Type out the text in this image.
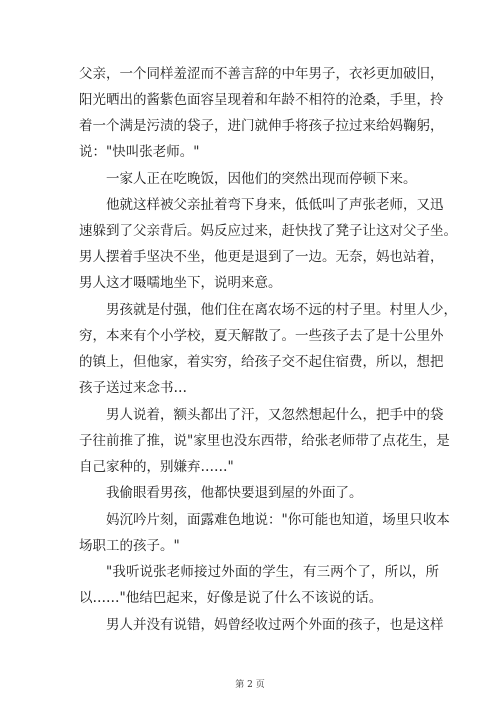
父亲，一个同样羞涩而不善言辞的中年男子，衣衫更加破旧，
阳光晒出的酱紫色面容呈现着和年龄不相符的沧桑，手里，拎
着一个满是污渍的袋子，进门就伸手将孩子拉过来给妈鞠躬，
说："快叫张老师。"
一家人正在吃晚饭，因他们的突然出现而停顿下来。
他就这样被父亲扯着弯下身来，低低叫了声张老师，又迅
速躲到了父亲背后。妈反应过来，赶快找了凳子让这对父子坐。
男人摆着手坚决不坐，他更是退到了一边。无奈，妈也站着，
男人这才嗫嚅地坐下，说明来意。
男孩就是付强，他们住在离农场不远的村子里。村里人少，
穷，本来有个小学校，夏天解散了。一些孩子去了是十公里外
的镇上，但他家，着实穷，给孩子交不起住宿费，所以，想把
孩子送过来念书…
男人说着，额头都出了汗，又忽然想起什么，把手中的袋
子往前推了推，说"家里也没东西带，给张老师带了点花生，是
自己家种的，别嫌弃……"
我偷眼看男孩，他都快要退到屋的外面了。
妈沉吟片刻，面露难色地说："你可能也知道，场里只收本
场职工的孩子。"
"我听说张老师接过外面的学生，有三两个了，所以，所
以……"他结巴起来，好像是说了什么不该说的话。
男人并没有说错，妈曾经收过两个外面的孩子，也是这样
第 2 页
